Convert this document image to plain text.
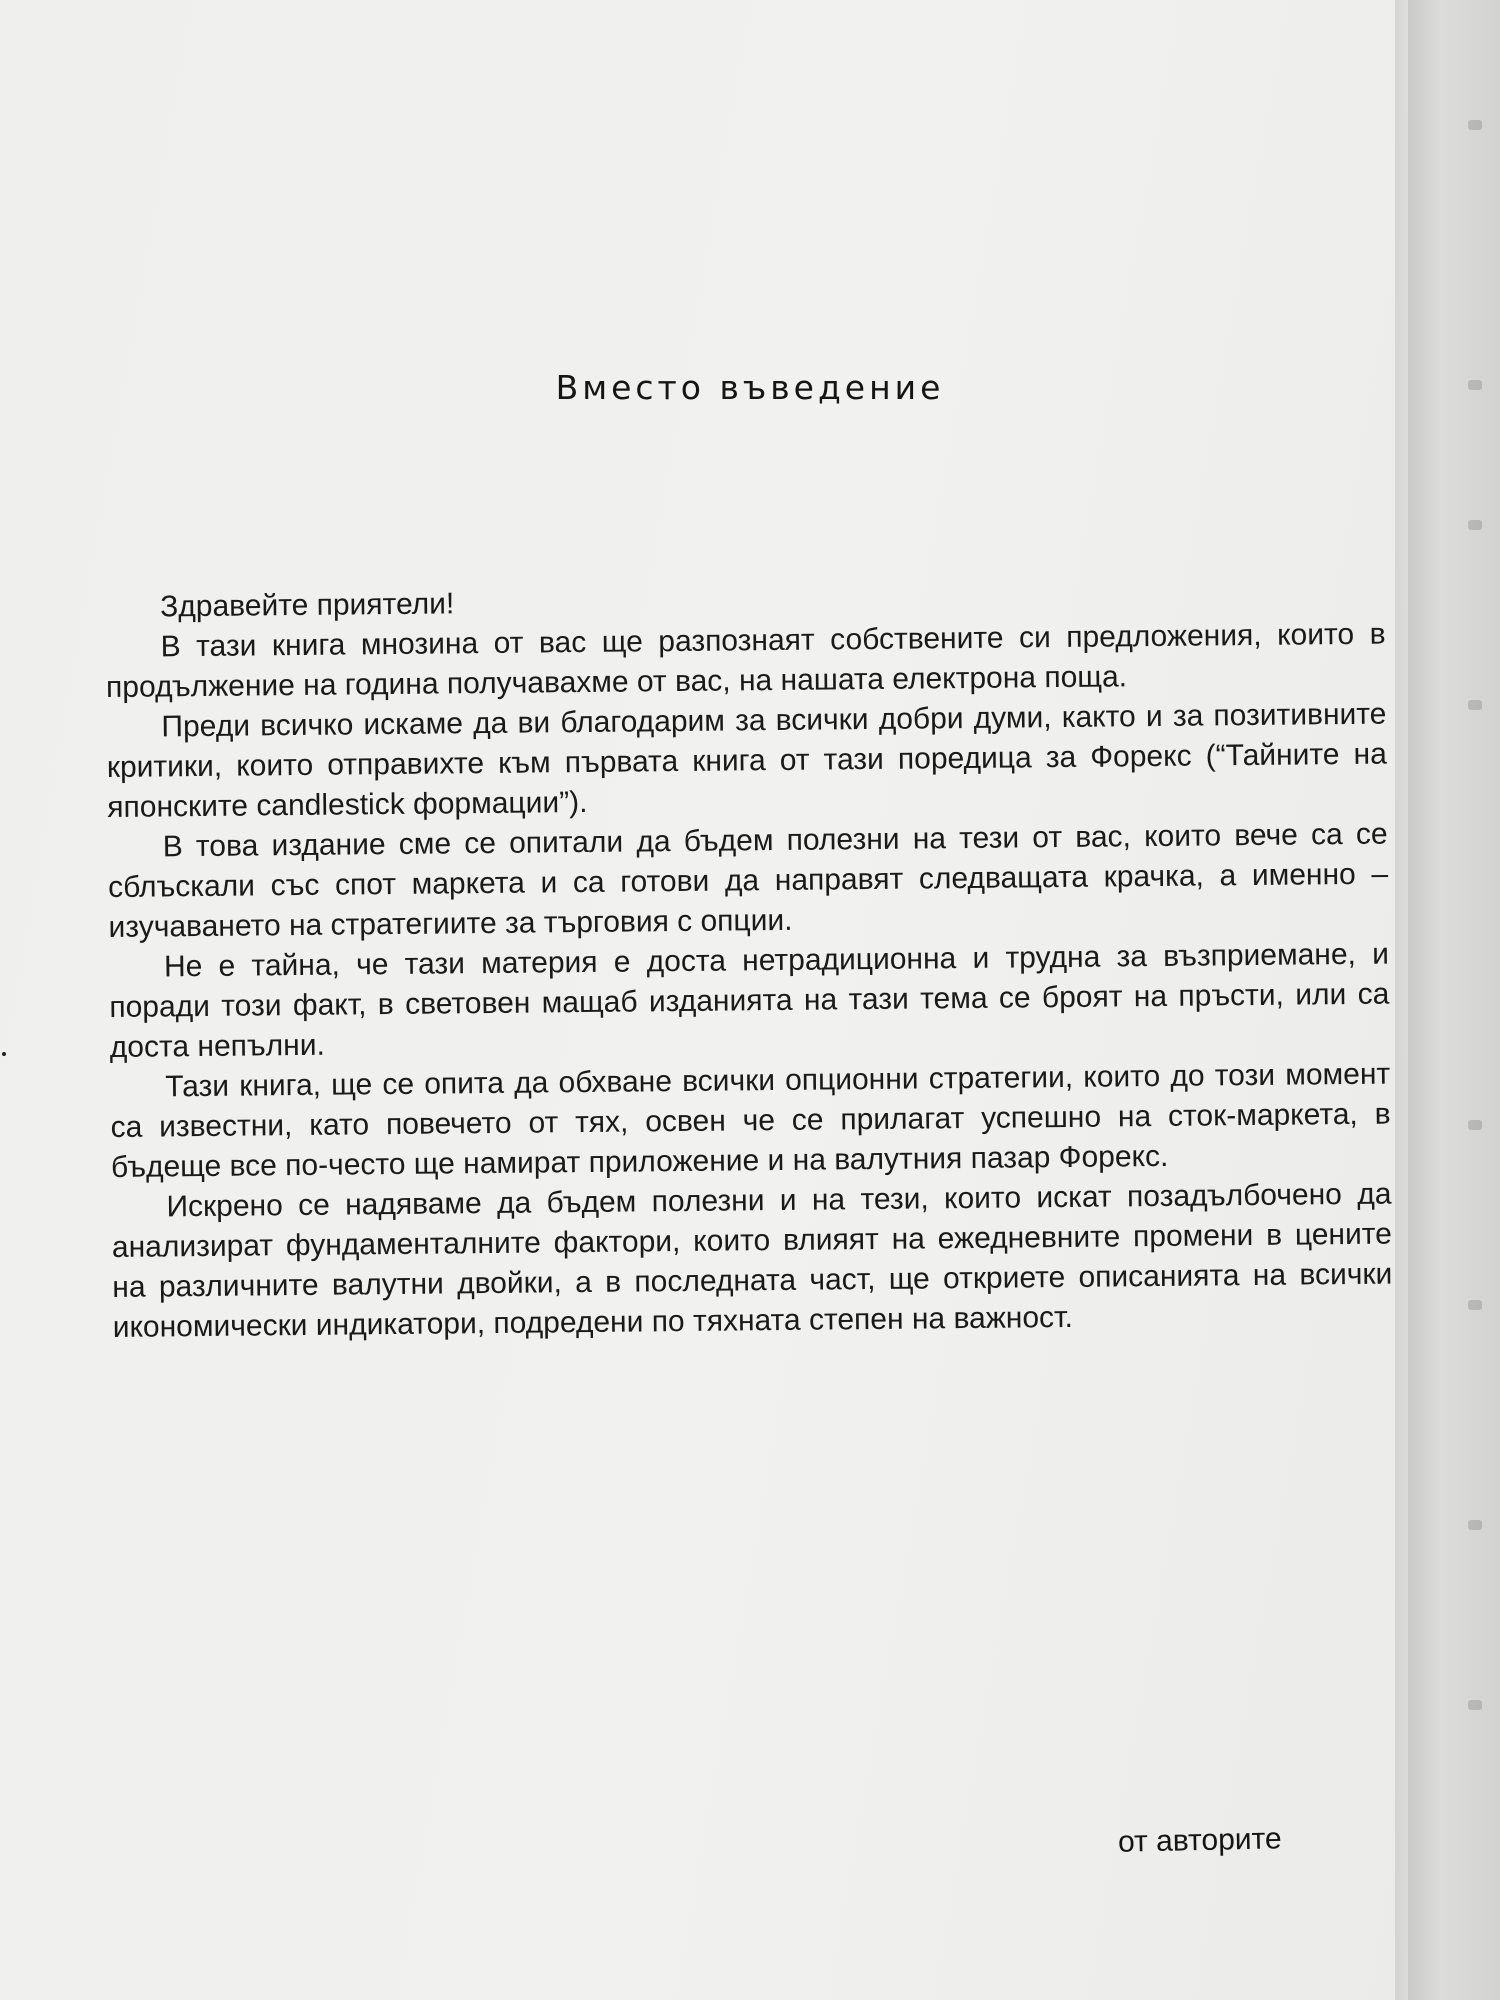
Вместо въведение

Здравейте приятели!

В тази книга мнозина от вас ще разпознаят собствените си предложения, които в продължение на година получавахме от вас, на нашата електрона поща.

Преди всичко искаме да ви благодарим за всички добри думи, както и за позитивните критики, които отправихте към първата книга от тази поредица за Форекс (“Тайните на японските candlestick формации”).

В това издание сме се опитали да бъдем полезни на тези от вас, които вече са се сблъскали със спот маркета и са готови да направят следващата крачка, а именно – изучаването на стратегиите за търговия с опции.

Не е тайна, че тази материя е доста нетрадиционна и трудна за възприемане, и поради този факт, в световен мащаб изданията на тази тема се броят на пръсти, или са доста непълни.

Тази книга, ще се опита да обхване всички опционни стратегии, които до този момент са известни, като повечето от тях, освен че се прилагат успешно на сток-маркета, в бъдеще все по-често ще намират приложение и на валутния пазар Форекс.

Искрено се надяваме да бъдем полезни и на тези, които искат позадълбочено да анализират фундаменталните фактори, които влияят на ежедневните промени в цените на различните валутни двойки, а в последната част, ще откриете описанията на всички икономически индикатори, подредени по тяхната степен на важност.

от авторите
